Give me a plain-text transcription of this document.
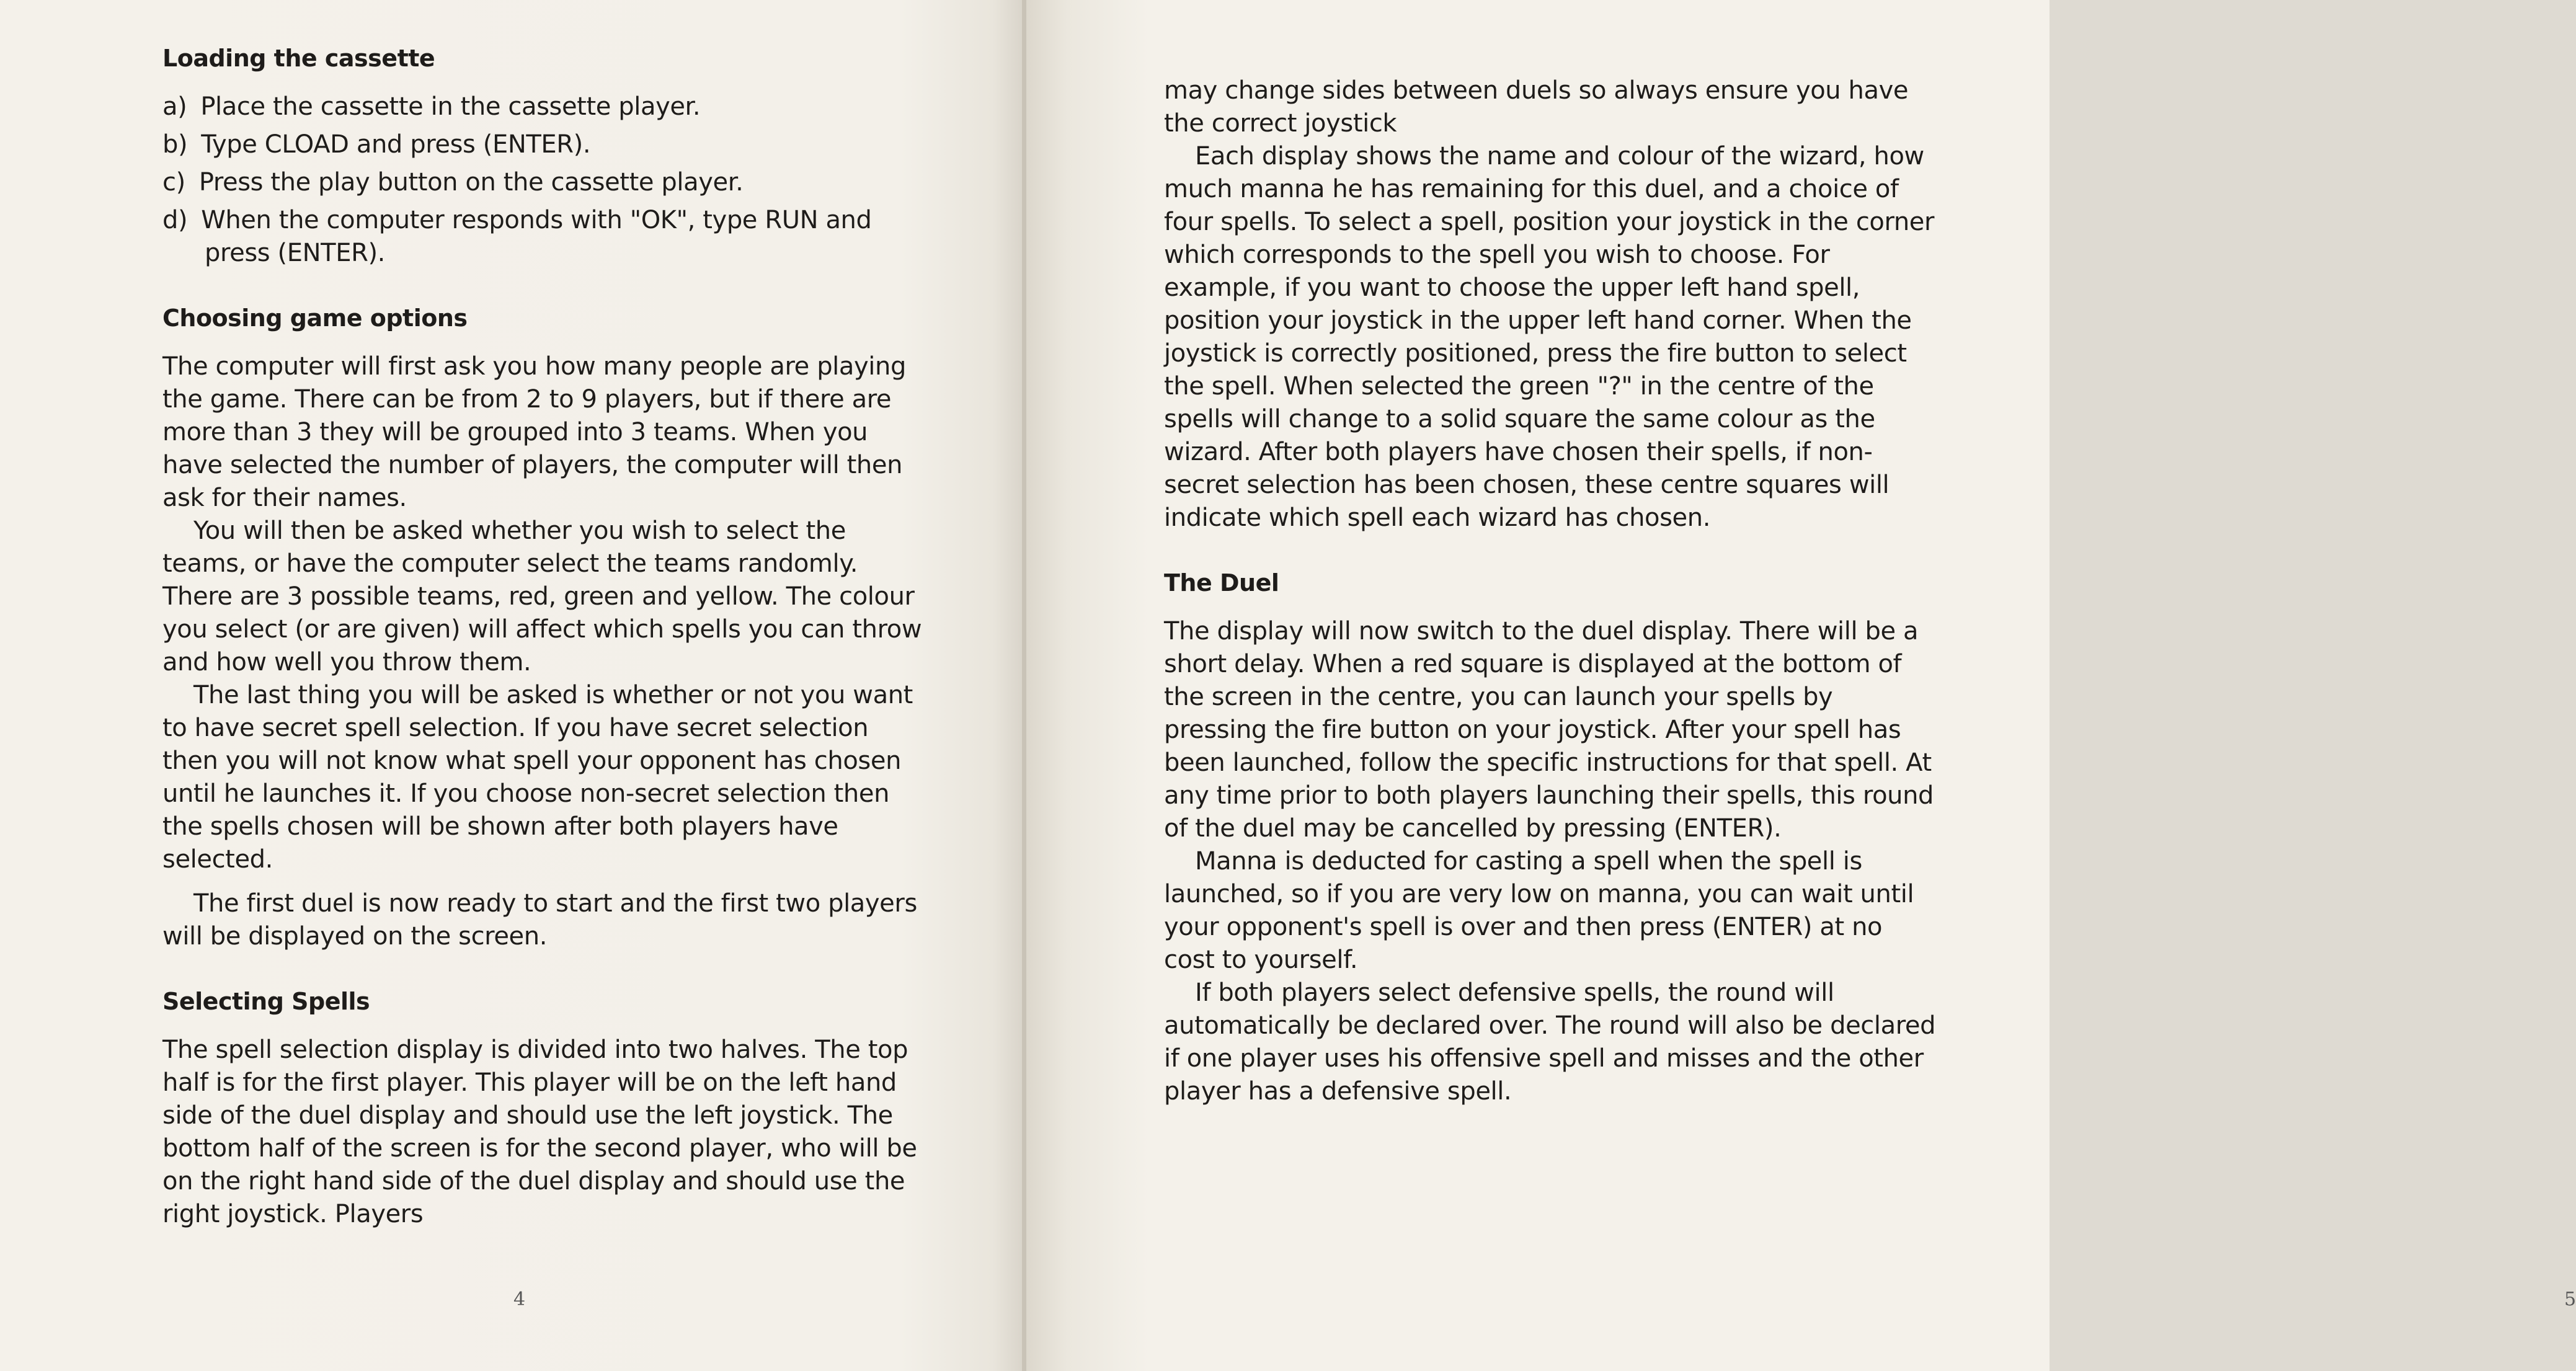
Loading the cassette
a) Place the cassette in the cassette player.
b) Type CLOAD and press (ENTER).
c) Press the play button on the cassette player.
d) When the computer responds with "OK", type RUN and press (ENTER).
Choosing game options

The computer will first ask you how many people are playing the game. There can be from 2 to 9 players, but if there are more than 3 they will be grouped into 3 teams. When you have selected the number of players, the computer will then ask for their names.

You will then be asked whether you wish to select the teams, or have the computer select the teams randomly. There are 3 possible teams, red, green and yellow. The colour you select (or are given) will affect which spells you can throw and how well you throw them.

The last thing you will be asked is whether or not you want to have secret spell selection. If you have secret selection then you will not know what spell your opponent has chosen until he launches it. If you choose non-secret selection then the spells chosen will be shown after both players have selected.

The first duel is now ready to start and the first two players will be displayed on the screen.

Selecting Spells

The spell selection display is divided into two halves. The top half is for the first player. This player will be on the left hand side of the duel display and should use the left joystick. The bottom half of the screen is for the second player, who will be on the right hand side of the duel display and should use the right joystick. Players

4

may change sides between duels so always ensure you have the correct joystick

Each display shows the name and colour of the wizard, how much manna he has remaining for this duel, and a choice of four spells. To select a spell, position your joystick in the corner which corresponds to the spell you wish to choose. For example, if you want to choose the upper left hand spell, position your joystick in the upper left hand corner. When the joystick is correctly positioned, press the fire button to select the spell. When selected the green "?" in the centre of the spells will change to a solid square the same colour as the wizard. After both players have chosen their spells, if non-secret selection has been chosen, these centre squares will indicate which spell each wizard has chosen.

The Duel

The display will now switch to the duel display. There will be a short delay. When a red square is displayed at the bottom of the screen in the centre, you can launch your spells by pressing the fire button on your joystick. After your spell has been launched, follow the specific instructions for that spell. At any time prior to both players launching their spells, this round of the duel may be cancelled by pressing (ENTER).

Manna is deducted for casting a spell when the spell is launched, so if you are very low on manna, you can wait until your opponent's spell is over and then press (ENTER) at no cost to yourself.

If both players select defensive spells, the round will automatically be declared over. The round will also be declared if one player uses his offensive spell and misses and the other player has a defensive spell.

5
